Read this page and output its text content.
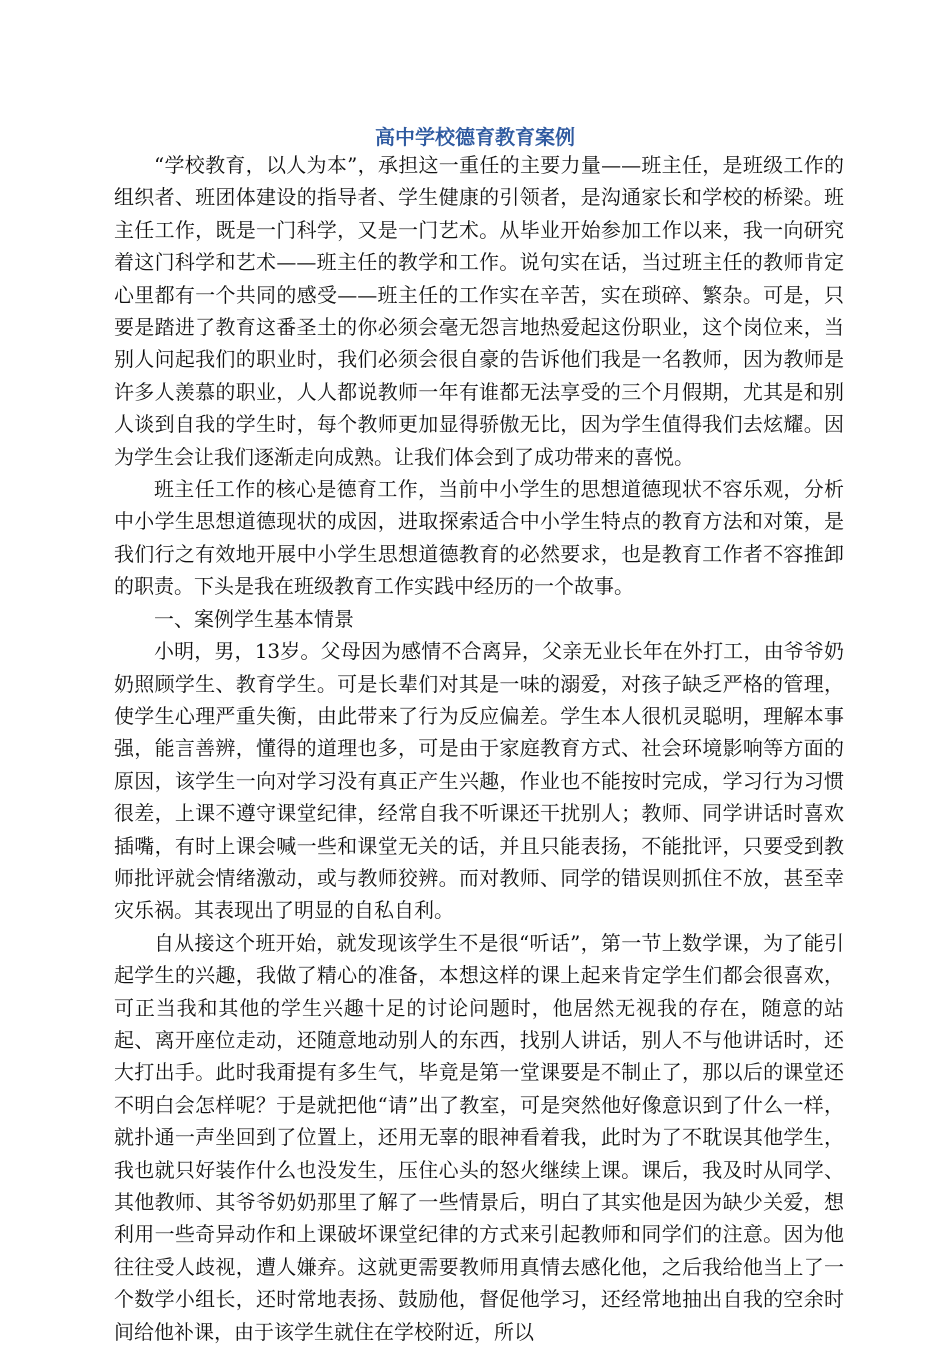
高中学校德育教育案例

“学校教育，以人为本”，承担这一重任的主要力量——班主任，是班级工作的组织者、班团体建设的指导者、学生健康的引领者，是沟通家长和学校的桥梁。班主任工作，既是一门科学，又是一门艺术。从毕业开始参加工作以来，我一向研究着这门科学和艺术——班主任的教学和工作。说句实在话，当过班主任的教师肯定心里都有一个共同的感受——班主任的工作实在辛苦，实在琐碎、繁杂。可是，只要是踏进了教育这番圣土的你必须会毫无怨言地热爱起这份职业，这个岗位来，当别人问起我们的职业时，我们必须会很自豪的告诉他们我是一名教师，因为教师是许多人羡慕的职业，人人都说教师一年有谁都无法享受的三个月假期，尤其是和别人谈到自我的学生时，每个教师更加显得骄傲无比，因为学生值得我们去炫耀。因为学生会让我们逐渐走向成熟。让我们体会到了成功带来的喜悦。

班主任工作的核心是德育工作，当前中小学生的思想道德现状不容乐观，分析中小学生思想道德现状的成因，进取探索适合中小学生特点的教育方法和对策，是我们行之有效地开展中小学生思想道德教育的必然要求，也是教育工作者不容推卸的职责。下头是我在班级教育工作实践中经历的一个故事。

一、案例学生基本情景

小明，男，13岁。父母因为感情不合离异，父亲无业长年在外打工，由爷爷奶奶照顾学生、教育学生。可是长辈们对其是一味的溺爱，对孩子缺乏严格的管理，使学生心理严重失衡，由此带来了行为反应偏差。学生本人很机灵聪明，理解本事强，能言善辨，懂得的道理也多，可是由于家庭教育方式、社会环境影响等方面的原因，该学生一向对学习没有真正产生兴趣，作业也不能按时完成，学习行为习惯很差，上课不遵守课堂纪律，经常自我不听课还干扰别人；教师、同学讲话时喜欢插嘴，有时上课会喊一些和课堂无关的话，并且只能表扬，不能批评，只要受到教师批评就会情绪激动，或与教师狡辨。而对教师、同学的错误则抓住不放，甚至幸灾乐祸。其表现出了明显的自私自利。

自从接这个班开始，就发现该学生不是很“听话”，第一节上数学课，为了能引起学生的兴趣，我做了精心的准备，本想这样的课上起来肯定学生们都会很喜欢，可正当我和其他的学生兴趣十足的讨论问题时，他居然无视我的存在，随意的站起、离开座位走动，还随意地动别人的东西，找别人讲话，别人不与他讲话时，还大打出手。此时我甭提有多生气，毕竟是第一堂课要是不制止了，那以后的课堂还不明白会怎样呢？于是就把他“请”出了教室，可是突然他好像意识到了什么一样，就扑通一声坐回到了位置上，还用无辜的眼神看着我，此时为了不耽误其他学生，我也就只好装作什么也没发生，压住心头的怒火继续上课。课后，我及时从同学、其他教师、其爷爷奶奶那里了解了一些情景后，明白了其实他是因为缺少关爱，想利用一些奇异动作和上课破坏课堂纪律的方式来引起教师和同学们的注意。因为他往往受人歧视，遭人嫌弃。这就更需要教师用真情去感化他，之后我给他当上了一个数学小组长，还时常地表扬、鼓励他，督促他学习，还经常地抽出自我的空余时间给他补课，由于该学生就住在学校附近，所以
